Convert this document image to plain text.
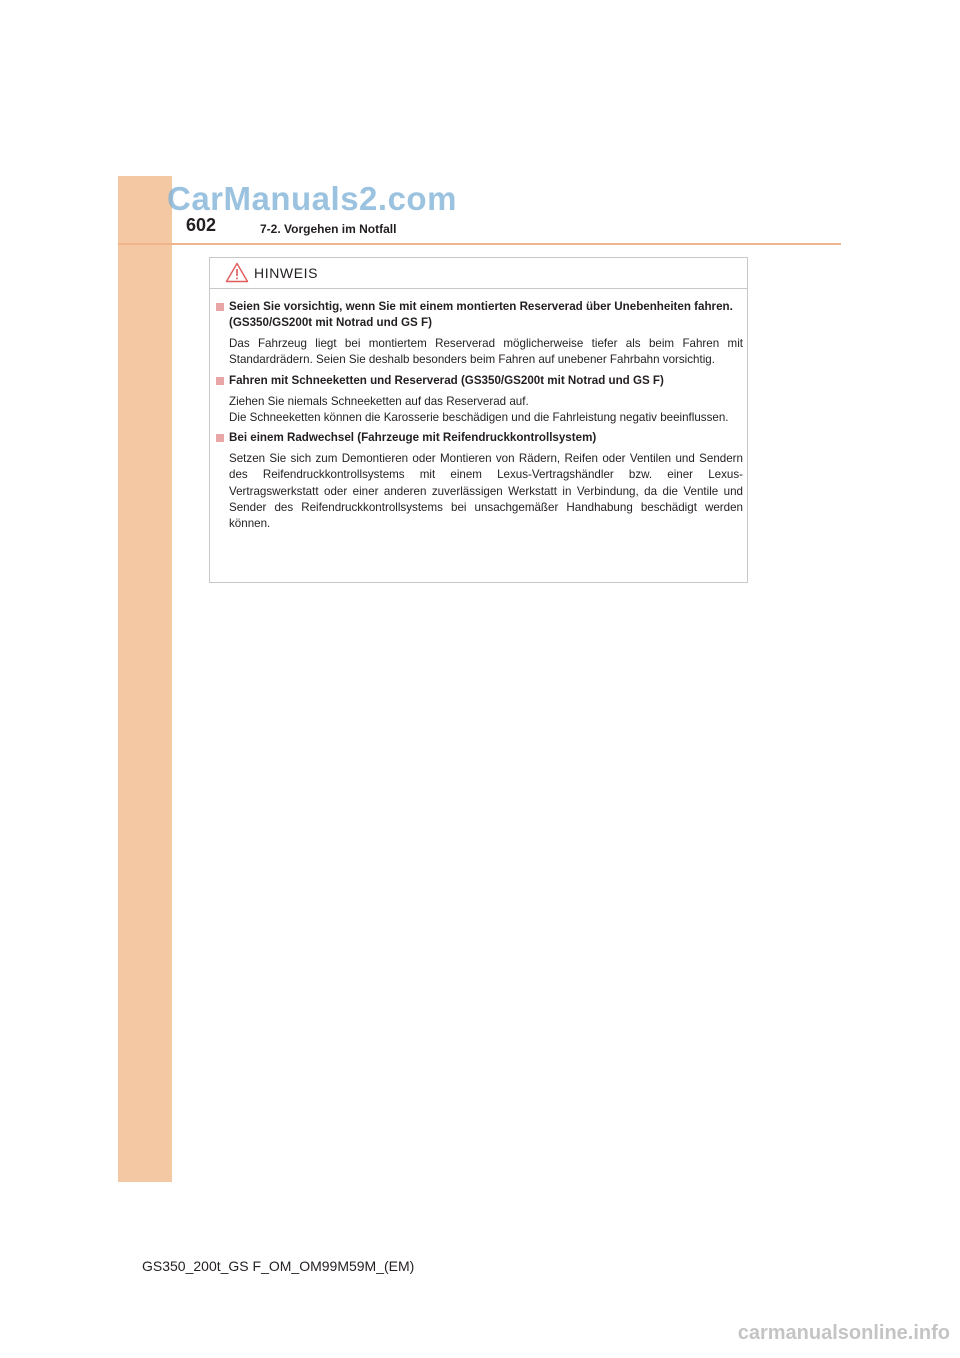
CarManuals2.com
602	7-2. Vorgehen im Notfall
HINWEIS
Seien Sie vorsichtig, wenn Sie mit einem montierten Reserverad über Unebenheiten fahren. (GS350/GS200t mit Notrad und GS F)
Das Fahrzeug liegt bei montiertem Reserverad möglicherweise tiefer als beim Fahren mit Standardrädern. Seien Sie deshalb besonders beim Fahren auf unebener Fahrbahn vorsichtig.
Fahren mit Schneeketten und Reserverad (GS350/GS200t mit Notrad und GS F)
Ziehen Sie niemals Schneeketten auf das Reserverad auf.
Die Schneeketten können die Karosserie beschädigen und die Fahrleistung negativ beeinflussen.
Bei einem Radwechsel (Fahrzeuge mit Reifendruckkontrollsystem)
Setzen Sie sich zum Demontieren oder Montieren von Rädern, Reifen oder Ventilen und Sendern des Reifendruckkontrollsystems mit einem Lexus-Vertragshändler bzw. einer Lexus-Vertragswerkstatt oder einer anderen zuverlässigen Werkstatt in Verbindung, da die Ventile und Sender des Reifendruckkontrollsystems bei unsachgemäßer Handhabung beschädigt werden können.
GS350_200t_GS F_OM_OM99M59M_(EM)
carmanualsonline.info
